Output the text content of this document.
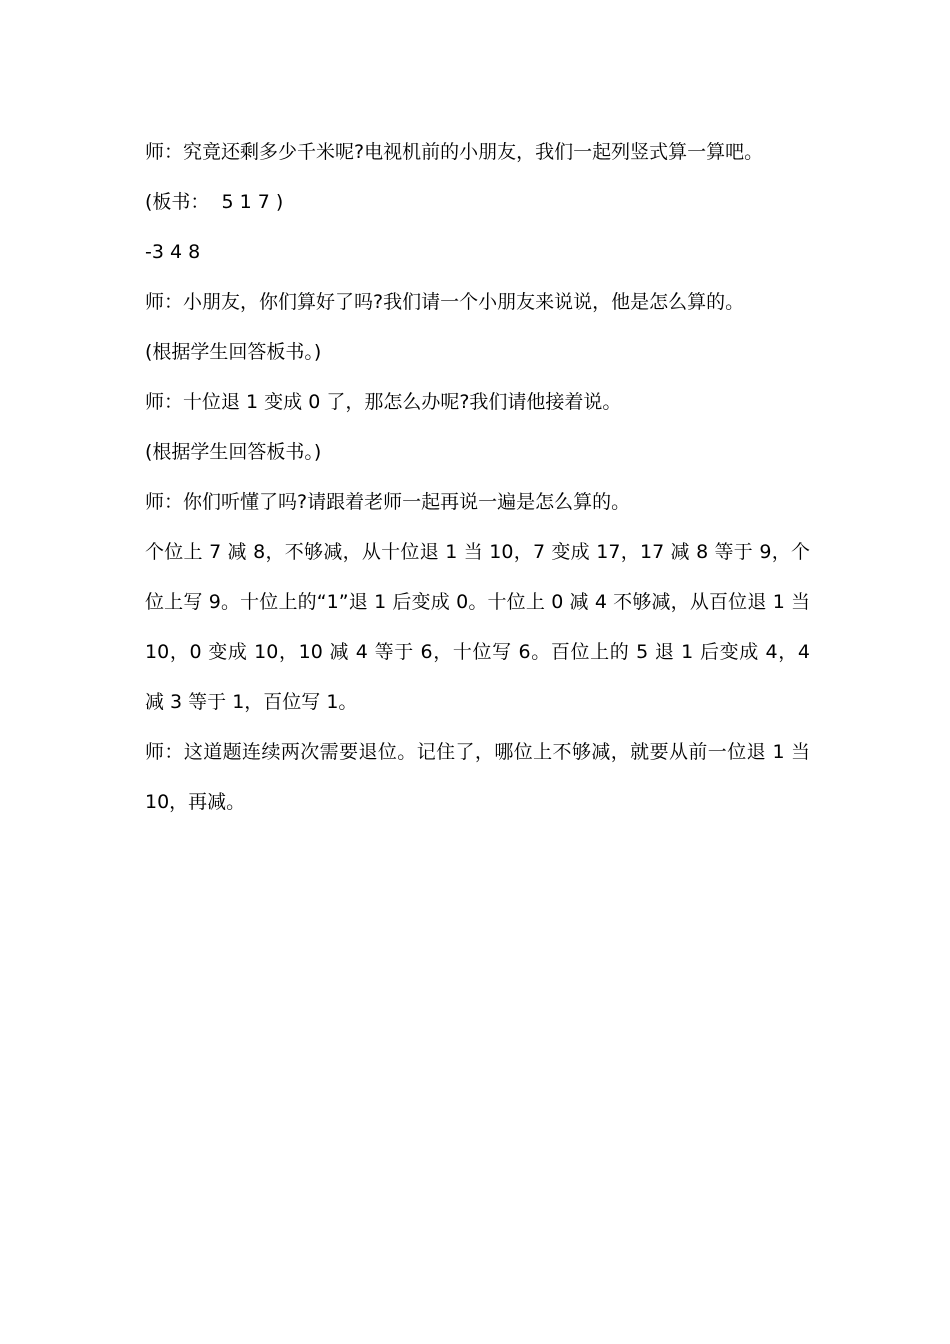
师：究竟还剩多少千米呢?电视机前的小朋友，我们一起列竖式算一算吧。

(板书：  5 1 7 )

-3 4 8

师：小朋友，你们算好了吗?我们请一个小朋友来说说，他是怎么算的。

(根据学生回答板书。)

师：十位退 1 变成 0 了，那怎么办呢?我们请他接着说。

(根据学生回答板书。)

师：你们听懂了吗?请跟着老师一起再说一遍是怎么算的。

个位上 7 减 8，不够减，从十位退 1 当 10，7 变成 17，17 减 8 等于 9，个位上写 9。十位上的“1”退 1 后变成 0。十位上 0 减 4 不够减，从百位退 1 当 10，0 变成 10，10 减 4 等于 6，十位写 6。百位上的 5 退 1 后变成 4，4 减 3 等于 1，百位写 1。

师：这道题连续两次需要退位。记住了，哪位上不够减，就要从前一位退 1 当 10，再减。
